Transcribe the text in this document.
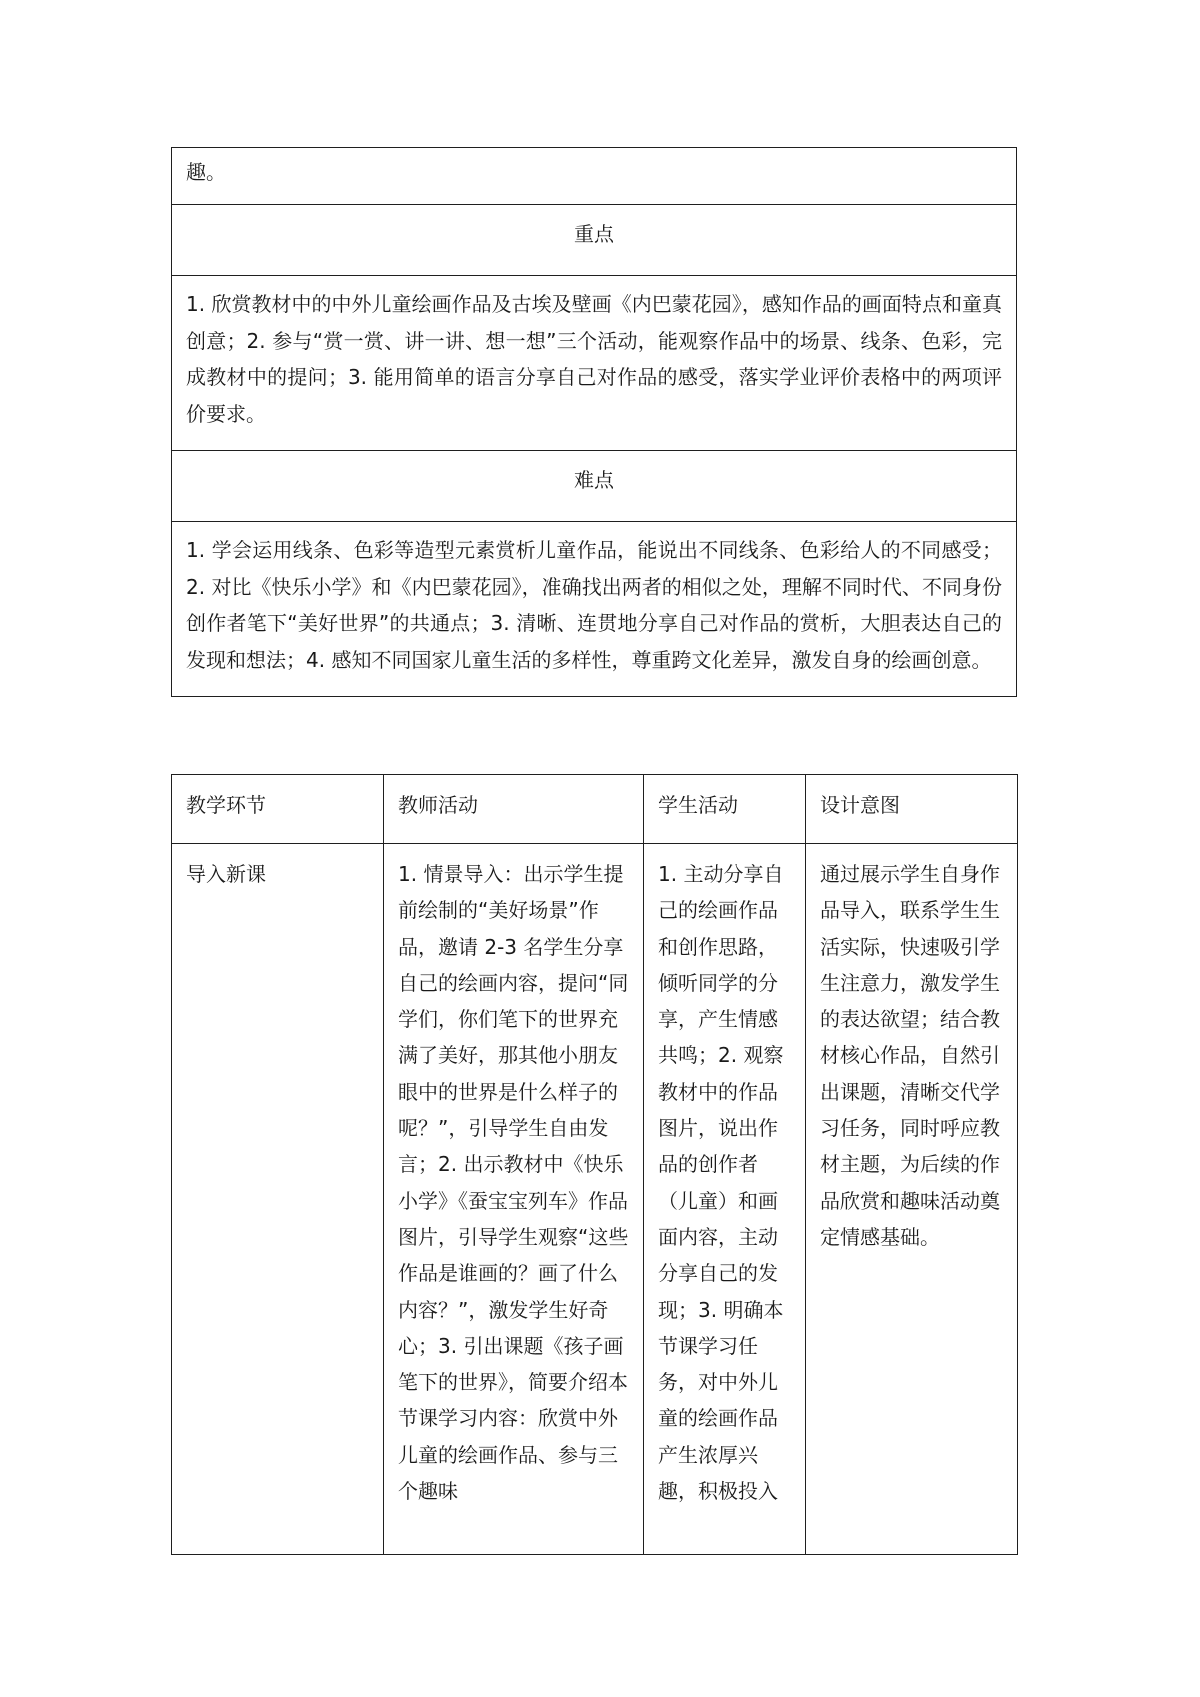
趣。

重点

1. 欣赏教材中的中外儿童绘画作品及古埃及壁画《内巴蒙花园》，感知作品的画面特点和童真创意；2. 参与“赏一赏、讲一讲、想一想”三个活动，能观察作品中的场景、线条、色彩，完成教材中的提问；3. 能用简单的语言分享自己对作品的感受，落实学业评价表格中的两项评价要求。

难点

1. 学会运用线条、色彩等造型元素赏析儿童作品，能说出不同线条、色彩给人的不同感受；2. 对比《快乐小学》和《内巴蒙花园》，准确找出两者的相似之处，理解不同时代、不同身份创作者笔下“美好世界”的共通点；3. 清晰、连贯地分享自己对作品的赏析，大胆表达自己的发现和想法；4. 感知不同国家儿童生活的多样性，尊重跨文化差异，激发自身的绘画创意。

教学环节	教师活动	学生活动	设计意图

导入新课	1. 情景导入：出示学生提前绘制的“美好场景”作品，邀请 2-3 名学生分享自己的绘画内容，提问“同学们，你们笔下的世界充满了美好，那其他小朋友眼中的世界是什么样子的呢？”，引导学生自由发言；2. 出示教材中《快乐小学》《蚕宝宝列车》作品图片，引导学生观察“这些作品是谁画的？画了什么内容？”，激发学生好奇心；3. 引出课题《孩子画笔下的世界》，简要介绍本节课学习内容：欣赏中外儿童的绘画作品、参与三个趣味	1. 主动分享自己的绘画作品和创作思路，倾听同学的分享，产生情感共鸣；2. 观察教材中的作品图片，说出作品的创作者（儿童）和画面内容，主动分享自己的发现；3. 明确本节课学习任务，对中外儿童的绘画作品产生浓厚兴趣，积极投入	通过展示学生自身作品导入，联系学生生活实际，快速吸引学生注意力，激发学生的表达欲望；结合教材核心作品，自然引出课题，清晰交代学习任务，同时呼应教材主题，为后续的作品欣赏和趣味活动奠定情感基础。
